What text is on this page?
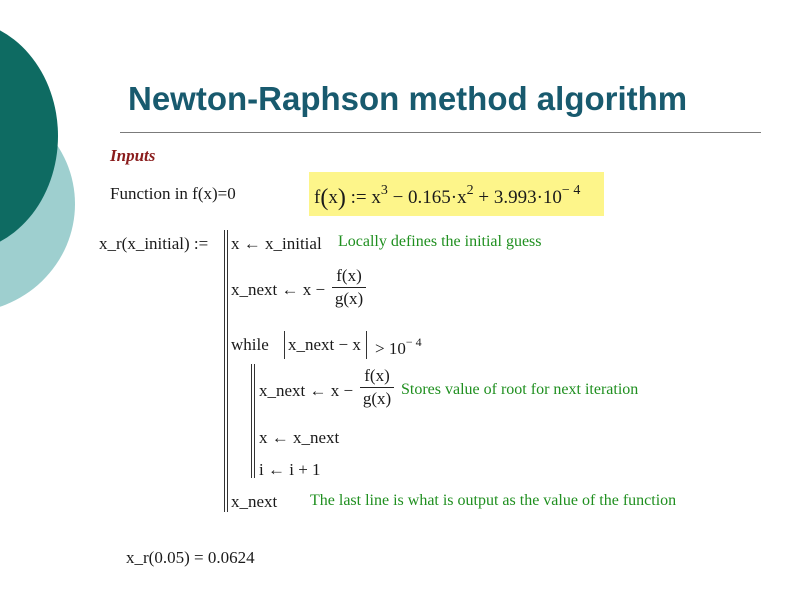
Newton-Raphson method algorithm
Inputs
Function in f(x)=0	f(x) := $x^3 - 0.165\cdot x^2 + 3.993\cdot 10^{- 4}$
x_r(x_initial) := x ← x_initial Locally defines the initial guess
x_next ← x −
f(x)
g(x)
while x_next − $x > 10^{- 4}$
x_next ← x −
f(x)
g(x) Stores value of root for next iteration
x ← x_next
i ← i + 1
x_next The last line is what is output as the value of the function
x_r(0.05) = 0.0624
